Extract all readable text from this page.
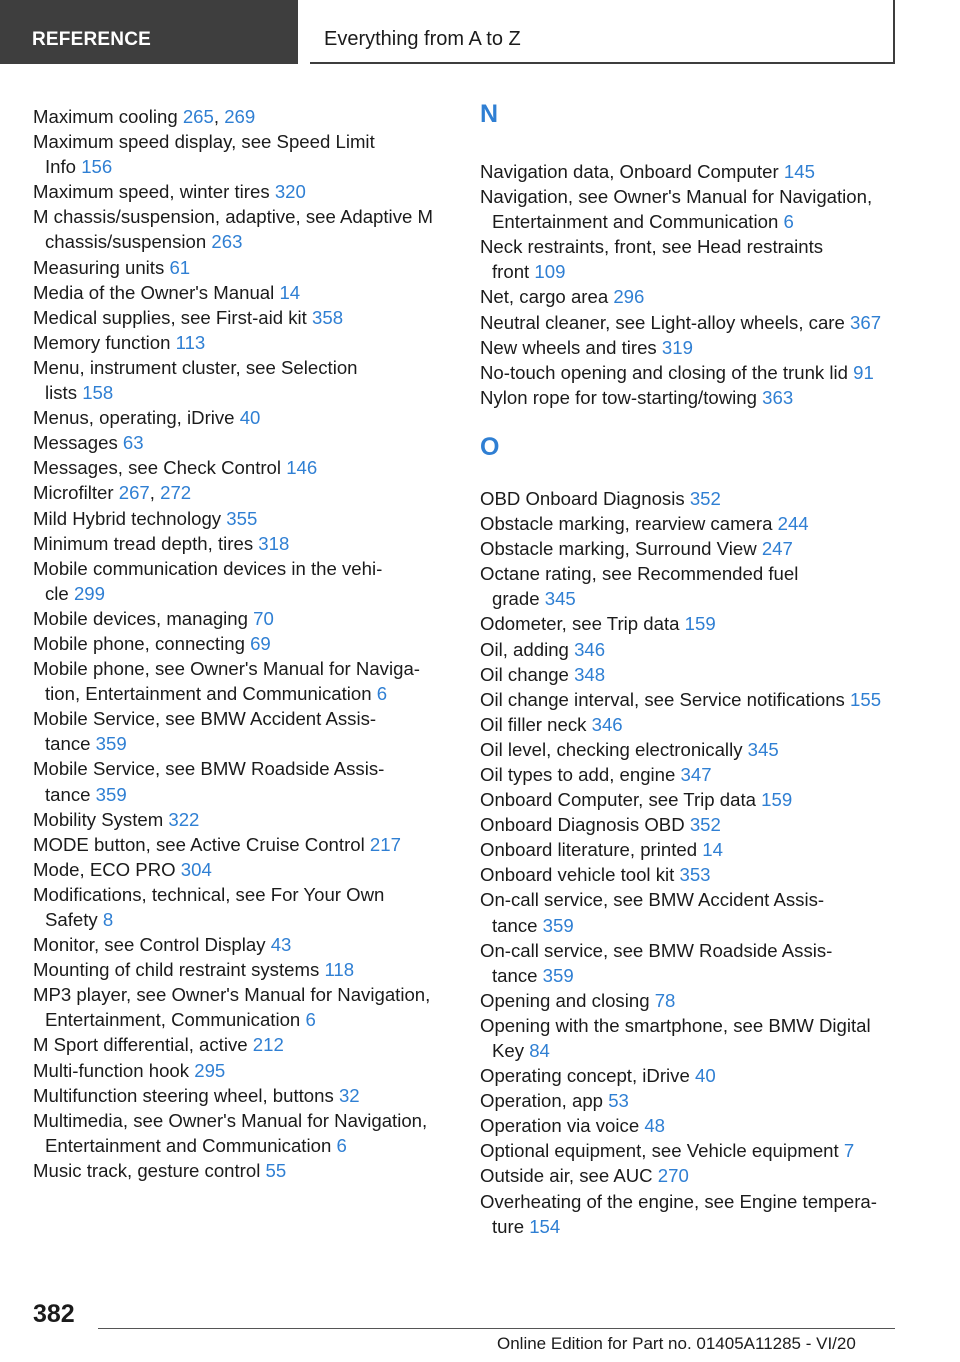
REFERENCE	Everything from A to Z
Maximum cooling 265, 269
Maximum speed display, see Speed Limit
Info 156
Maximum speed, winter tires 320
M chassis/suspension, adaptive, see Adaptive M
chassis/suspension 263
Measuring units 61
Media of the Owner's Manual 14
Medical supplies, see First-aid kit 358
Memory function 113
Menu, instrument cluster, see Selection
lists 158
Menus, operating, iDrive 40
Messages 63
Messages, see Check Control 146
Microfilter 267, 272
Mild Hybrid technology 355
Minimum tread depth, tires 318
Mobile communication devices in the vehi-
cle 299
Mobile devices, managing 70
Mobile phone, connecting 69
Mobile phone, see Owner's Manual for Naviga-
tion, Entertainment and Communication 6
Mobile Service, see BMW Accident Assis-
tance 359
Mobile Service, see BMW Roadside Assis-
tance 359
Mobility System 322
MODE button, see Active Cruise Control 217
Mode, ECO PRO 304
Modifications, technical, see For Your Own
Safety 8
Monitor, see Control Display 43
Mounting of child restraint systems 118
MP3 player, see Owner's Manual for Navigation,
Entertainment, Communication 6
M Sport differential, active 212
Multi-function hook 295
Multifunction steering wheel, buttons 32
Multimedia, see Owner's Manual for Navigation,
Entertainment and Communication 6
Music track, gesture control 55
N
Navigation data, Onboard Computer 145
Navigation, see Owner's Manual for Navigation,
Entertainment and Communication 6
Neck restraints, front, see Head restraints
front 109
Net, cargo area 296
Neutral cleaner, see Light-alloy wheels, care 367
New wheels and tires 319
No-touch opening and closing of the trunk lid 91
Nylon rope for tow-starting/towing 363
O
OBD Onboard Diagnosis 352
Obstacle marking, rearview camera 244
Obstacle marking, Surround View 247
Octane rating, see Recommended fuel
grade 345
Odometer, see Trip data 159
Oil, adding 346
Oil change 348
Oil change interval, see Service notifications 155
Oil filler neck 346
Oil level, checking electronically 345
Oil types to add, engine 347
Onboard Computer, see Trip data 159
Onboard Diagnosis OBD 352
Onboard literature, printed 14
Onboard vehicle tool kit 353
On-call service, see BMW Accident Assis-
tance 359
On-call service, see BMW Roadside Assis-
tance 359
Opening and closing 78
Opening with the smartphone, see BMW Digital
Key 84
Operating concept, iDrive 40
Operation, app 53
Operation via voice 48
Optional equipment, see Vehicle equipment 7
Outside air, see AUC 270
Overheating of the engine, see Engine tempera-
ture 154
382
Online Edition for Part no. 01405A11285 - VI/20
